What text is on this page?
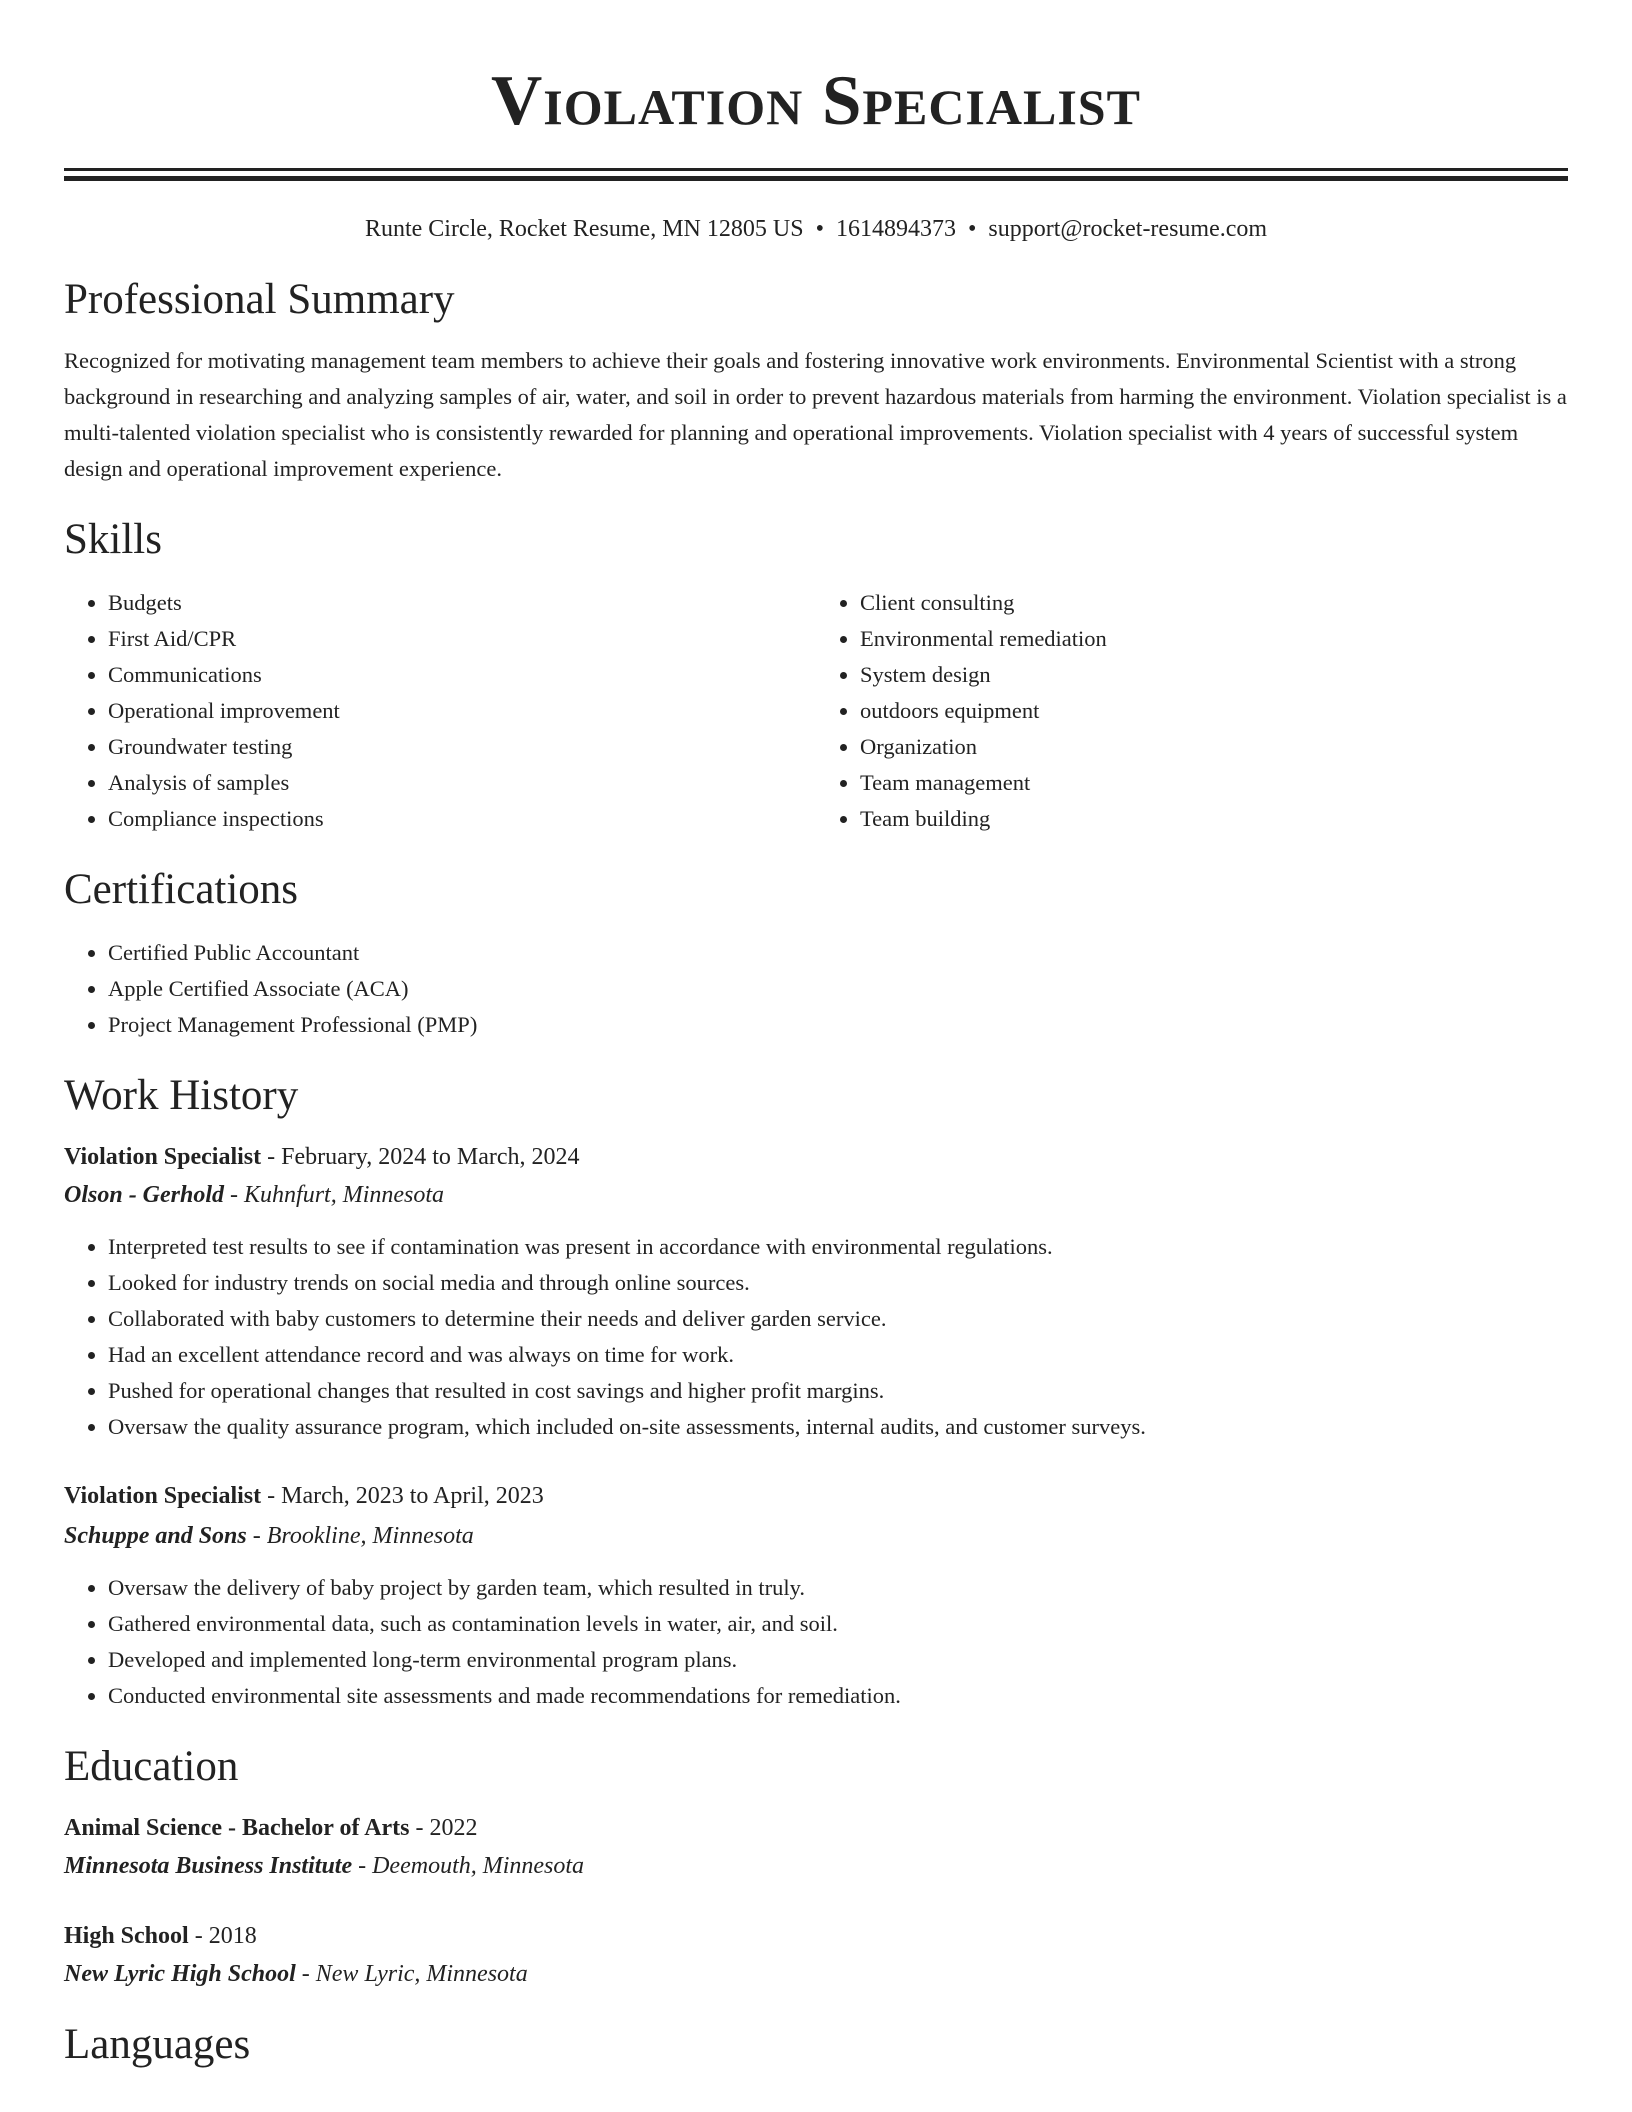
Violation Specialist
Runte Circle, Rocket Resume, MN 12805 US • 1614894373 • support@rocket-resume.com
Professional Summary

Recognized for motivating management team members to achieve their goals and fostering innovative work environments. Environmental Scientist with a strong background in researching and analyzing samples of air, water, and soil in order to prevent hazardous materials from harming the environment. Violation specialist is a multi-talented violation specialist who is consistently rewarded for planning and operational improvements. Violation specialist with 4 years of successful system design and operational improvement experience.

Skills
• Budgets
• First Aid/CPR
• Communications
• Operational improvement
• Groundwater testing
• Analysis of samples
• Compliance inspections
• Client consulting
• Environmental remediation
• System design
• outdoors equipment
• Organization
• Team management
• Team building
Certifications
• Certified Public Accountant
• Apple Certified Associate (ACA)
• Project Management Professional (PMP)
Work History
Violation Specialist - February, 2024 to March, 2024
Olson - Gerhold - Kuhnfurt, Minnesota
• Interpreted test results to see if contamination was present in accordance with environmental regulations.
• Looked for industry trends on social media and through online sources.
• Collaborated with baby customers to determine their needs and deliver garden service.
• Had an excellent attendance record and was always on time for work.
• Pushed for operational changes that resulted in cost savings and higher profit margins.
• Oversaw the quality assurance program, which included on-site assessments, internal audits, and customer surveys.
Violation Specialist - March, 2023 to April, 2023
Schuppe and Sons - Brookline, Minnesota
• Oversaw the delivery of baby project by garden team, which resulted in truly.
• Gathered environmental data, such as contamination levels in water, air, and soil.
• Developed and implemented long-term environmental program plans.
• Conducted environmental site assessments and made recommendations for remediation.
Education
Animal Science - Bachelor of Arts - 2022
Minnesota Business Institute - Deemouth, Minnesota
High School - 2018
New Lyric High School - New Lyric, Minnesota
Languages
